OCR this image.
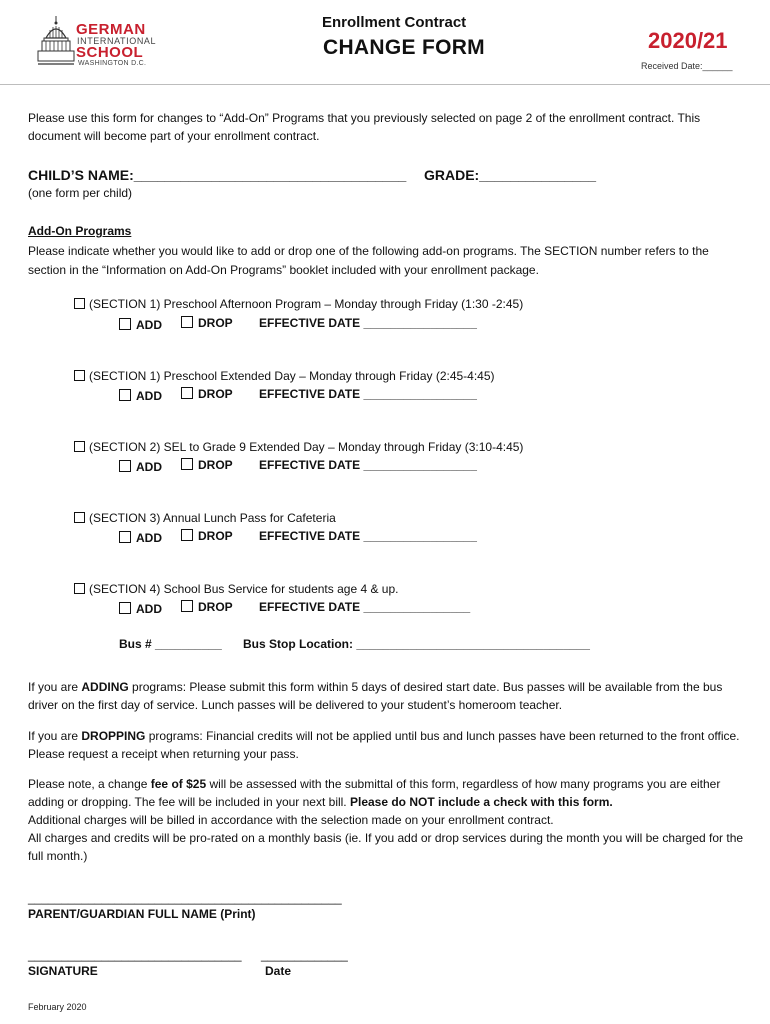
GERMAN
INTERNATIONAL
SCHOOL
WASHINGTON D.C.
Enrollment Contract
CHANGE FORM	2020/21
Received Date:______
Please use this form for changes to “Add-On” Programs that you previously selected on page 2 of the enrollment contract. This document will become part of your enrollment contract.
CHILD’S NAME:___________________________________ GRADE:_______________
(one form per child)
Add-On Programs
Please indicate whether you would like to add or drop one of the following add-on programs. The SECTION number refers to the section in the “Information on Add-On Programs” booklet included with your enrollment package.
(SECTION 1) Preschool Afternoon Program – Monday through Friday (1:30 -2:45)
ADD	DROP EFFECTIVE DATE _________________
(SECTION 1) Preschool Extended Day – Monday through Friday (2:45-4:45)
ADD	DROP EFFECTIVE DATE _________________
(SECTION 2) SEL to Grade 9 Extended Day – Monday through Friday (3:10-4:45)
ADD	DROP EFFECTIVE DATE _________________
(SECTION 3) Annual Lunch Pass for Cafeteria
ADD	DROP EFFECTIVE DATE _________________
(SECTION 4) School Bus Service for students age 4 & up.
ADD	DROP EFFECTIVE DATE ________________
Bus # __________ Bus Stop Location: ___________________________________
If you are ADDING programs: Please submit this form within 5 days of desired start date. Bus passes will be available from the bus driver on the first day of service. Lunch passes will be delivered to your student’s homeroom teacher.
If you are DROPPING programs: Financial credits will not be applied until bus and lunch passes have been returned to the front office. Please request a receipt when returning your pass.
Please note, a change fee of $25 will be assessed with the submittal of this form, regardless of how many programs you are either adding or dropping. The fee will be included in your next bill. Please do NOT include a check with this form.
Additional charges will be billed in accordance with the selection made on your enrollment contract.
All charges and credits will be pro-rated on a monthly basis (ie. If you add or drop services during the month you will be charged for the full month.)
_______________________________________________
PARENT/GUARDIAN FULL NAME (Print)
________________________________ _____________
SIGNATURE	Date
February 2020
